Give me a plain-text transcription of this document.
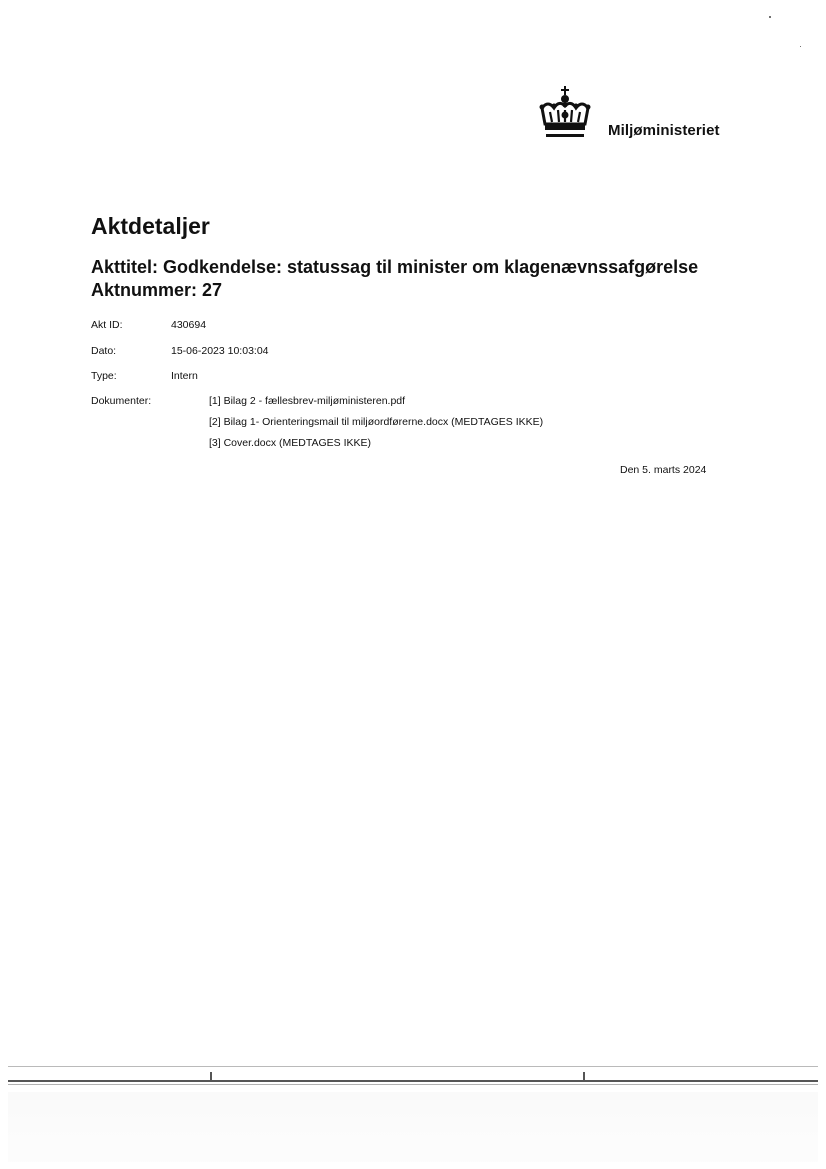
Miljøministeriet
Aktdetaljer
Akttitel: Godkendelse: statussag til minister om klagenævnssafgørelse
Aktnummer: 27
Akt ID:	430694
Dato:	15-06-2023 10:03:04
Type:	Intern
Dokumenter:	[1] Bilag 2 - fællesbrev-miljøministeren.pdf
[2] Bilag 1- Orienteringsmail til miljøordførerne.docx (MEDTAGES IKKE)
[3] Cover.docx (MEDTAGES IKKE)
Den 5. marts 2024
